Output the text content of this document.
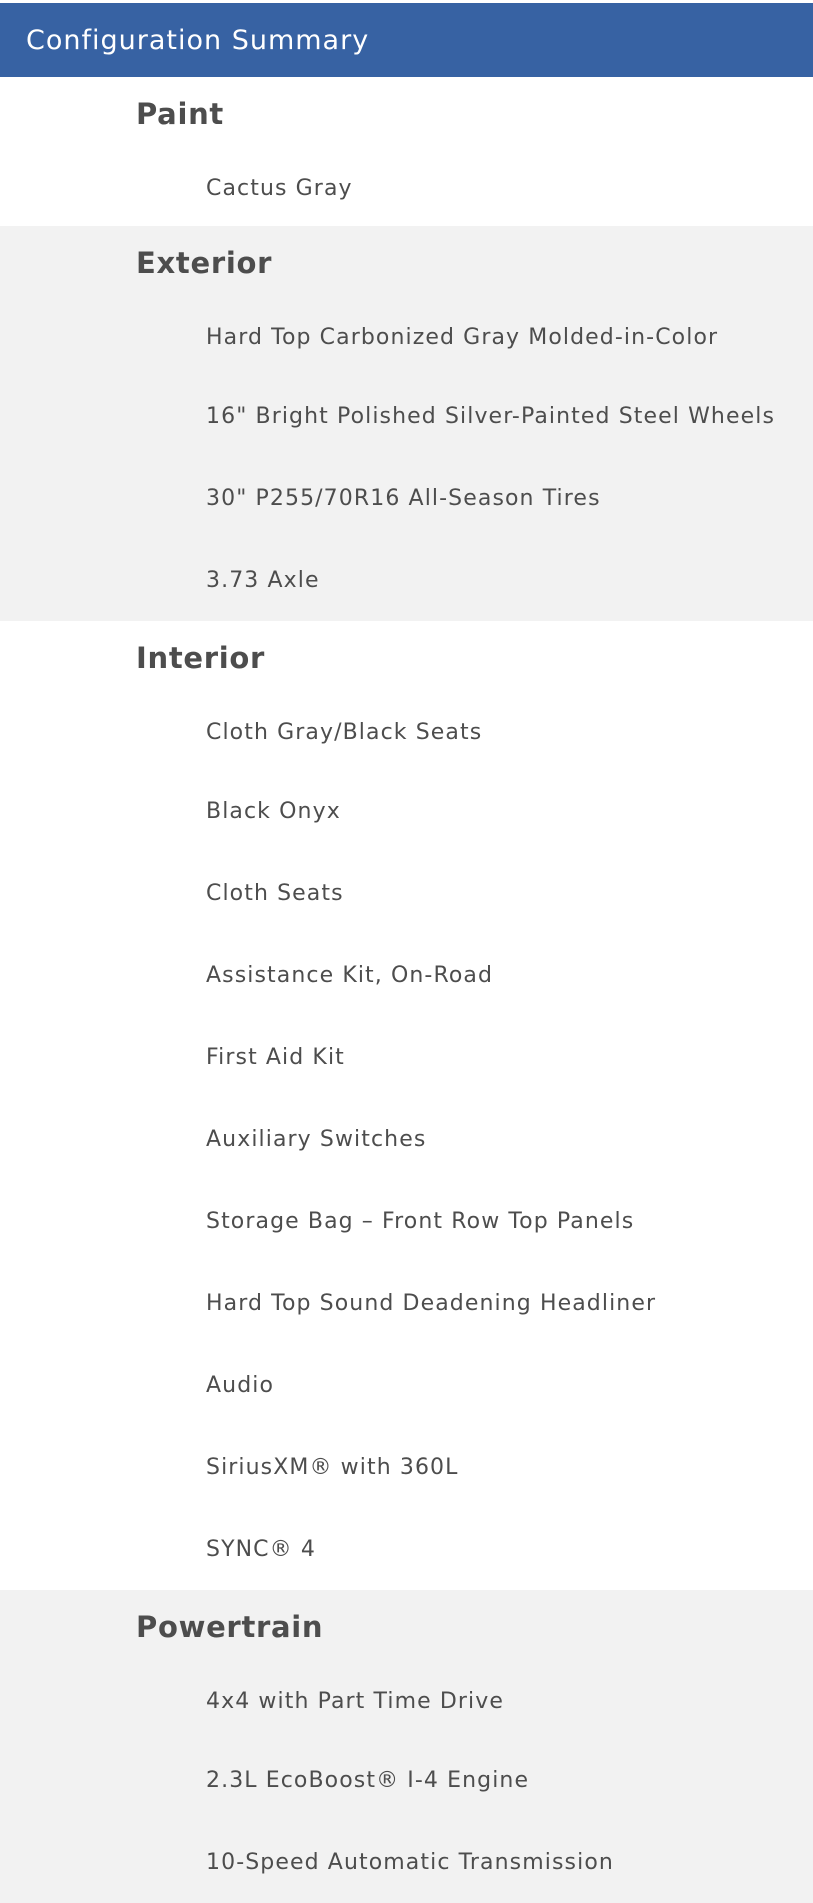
Configuration Summary
Paint
Cactus Gray
Exterior
Hard Top Carbonized Gray Molded-in-Color
16" Bright Polished Silver-Painted Steel Wheels
30" P255/70R16 All-Season Tires
3.73 Axle
Interior
Cloth Gray/Black Seats
Black Onyx
Cloth Seats
Assistance Kit, On-Road
First Aid Kit
Auxiliary Switches
Storage Bag – Front Row Top Panels
Hard Top Sound Deadening Headliner
Audio
SiriusXM® with 360L
SYNC® 4
Powertrain
4x4 with Part Time Drive
2.3L EcoBoost® I-4 Engine
10-Speed Automatic Transmission
